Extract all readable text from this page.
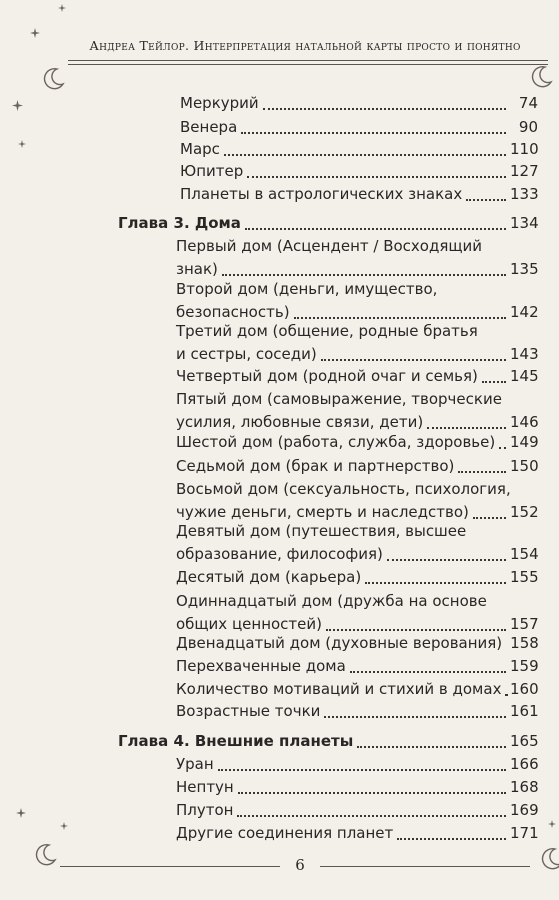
Андреа Тейлор. Интерпретация натальной карты просто и понятно
Меркурий	74
Венера	90
Марс	110
Юпитер	127
Планеты в астрологических знаках	133
Глава 3. Дома	134
Первый дом (Асцендент / Восходящий
знак)	135
Второй дом (деньги, имущество,
безопасность)	142
Третий дом (общение, родные братья
и сестры, соседи)	143
Четвертый дом (родной очаг и семья) 145
Пятый дом (самовыражение, творческие
усилия, любовные связи, дети)	146
Шестой дом (работа, служба, здоровье) 149
Седьмой дом (брак и партнерство)	150
Восьмой дом (сексуальность, психология,
чужие деньги, смерть и наследство)	152
Девятый дом (путешествия, высшее
образование, философия)	154
Десятый дом (карьера)	155
Одиннадцатый дом (дружба на основе
общих ценностей)	157
Двенадцатый дом (духовные верования) 158
Перехваченные дома	159
Количество мотиваций и стихий в домах 160
Возрастные точки	161
Глава 4. Внешние планеты	165
Уран	166
Нептун	168
Плутон	169
Другие соединения планет	171
6
